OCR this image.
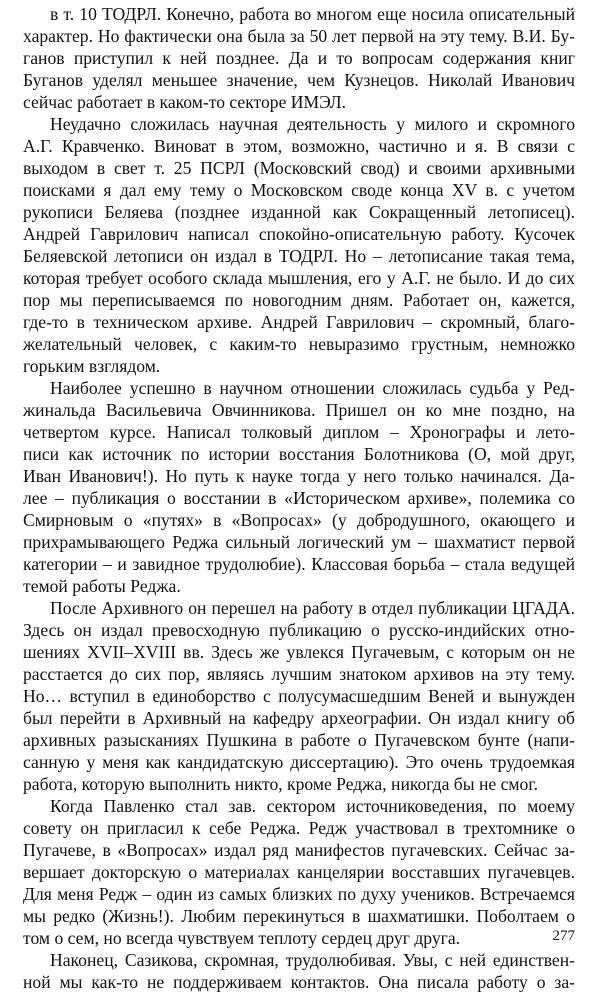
в т. 10 ТОДРЛ. Конечно, работа во многом еще носила описательный
характер. Но фактически она была за 50 лет первой на эту тему. В.И. Бу-
ганов приступил к ней позднее. Да и то вопросам содержания книг
Буганов уделял меньшее значение, чем Кузнецов. Николай Иванович
сейчас работает в каком-то секторе ИМЭЛ.
Неудачно сложилась научная деятельность у милого и скромного
А.Г. Кравченко. Виноват в этом, возможно, частично и я. В связи с
выходом в свет т. 25 ПСРЛ (Московский свод) и своими архивными
поисками я дал ему тему о Московском своде конца XV в. с учетом
рукописи Беляева (позднее изданной как Сокращенный летописец).
Андрей Гаврилович написал спокойно-описательную работу. Кусочек
Беляевской летописи он издал в ТОДРЛ. Но – летописание такая тема,
которая требует особого склада мышления, его у А.Г. не было. И до сих
пор мы переписываемся по новогодним дням. Работает он, кажется,
где-то в техническом архиве. Андрей Гаврилович – скромный, благо-
желательный человек, с каким-то невыразимо грустным, немножко
горьким взглядом.
Наиболее успешно в научном отношении сложилась судьба у Ред-
жинальда Васильевича Овчинникова. Пришел он ко мне поздно, на
четвертом курсе. Написал толковый диплом – Хронографы и лето-
писи как источник по истории восстания Болотникова (О, мой друг,
Иван Иванович!). Но путь к науке тогда у него только начинался. Да-
лее – публикация о восстании в «Историческом архиве», полемика со
Смирновым о «путях» в «Вопросах» (у добродушного, окающего и
прихрамывающего Реджа сильный логический ум – шахматист первой
категории – и завидное трудолюбие). Классовая борьба – стала ведущей
темой работы Реджа.
После Архивного он перешел на работу в отдел публикации ЦГАДА.
Здесь он издал превосходную публикацию о русско-индийских отно-
шениях XVII–XVIII вв. Здесь же увлекся Пугачевым, с которым он не
расстается до сих пор, являясь лучшим знатоком архивов на эту тему.
Но… вступил в единоборство с полусумасшедшим Веней и вынужден
был перейти в Архивный на кафедру археографии. Он издал книгу об
архивных разысканиях Пушкина в работе о Пугачевском бунте (напи-
санную у меня как кандидатскую диссертацию). Это очень трудоемкая
работа, которую выполнить никто, кроме Реджа, никогда бы не смог.
Когда Павленко стал зав. сектором источниковедения, по моему
совету он пригласил к себе Реджа. Редж участвовал в трехтомнике о
Пугачеве, в «Вопросах» издал ряд манифестов пугачевских. Сейчас за-
вершает докторскую о материалах канцелярии восставших пугачевцев.
Для меня Редж – один из самых близких по духу учеников. Встречаемся
мы редко (Жизнь!). Любим перекинуться в шахматишки. Поболтаем о
том о сем, но всегда чувствуем теплоту сердец друг друга.
Наконец, Сазикова, скромная, трудолюбивая. Увы, с ней единствен-
ной мы как-то не поддерживаем контактов. Она писала работу о за-
277
